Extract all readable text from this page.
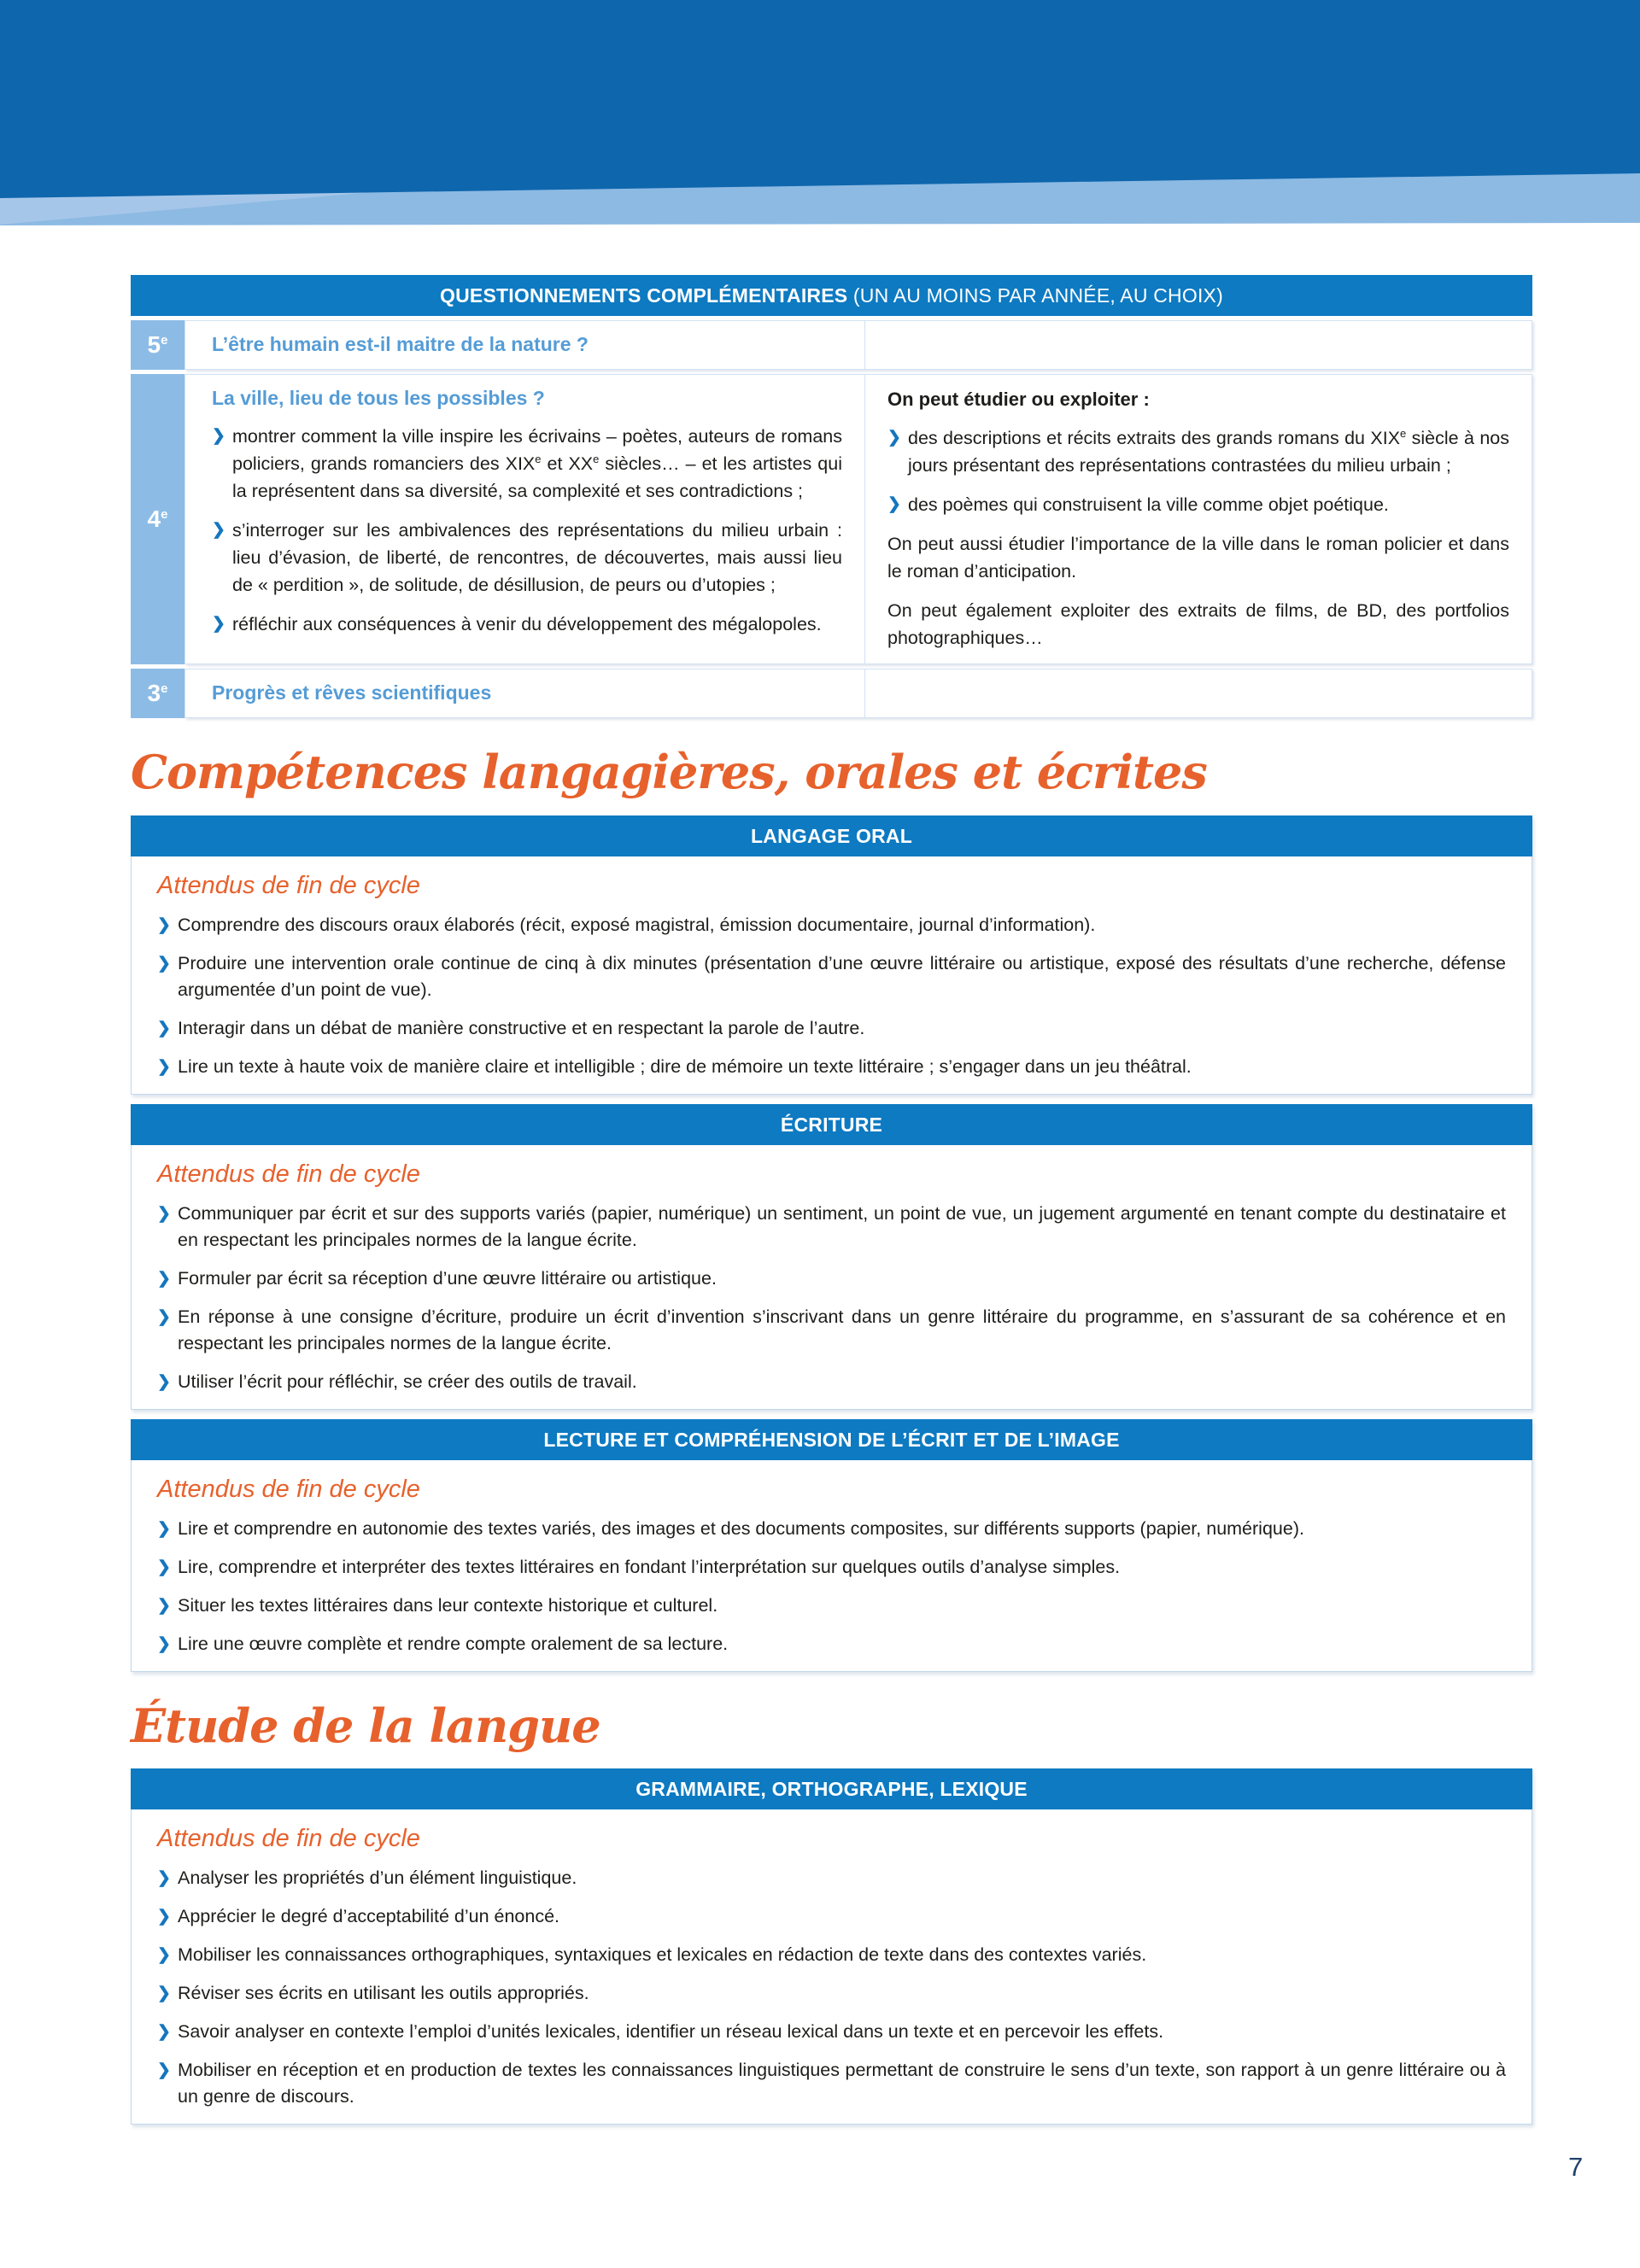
QUESTIONNEMENTS COMPLÉMENTAIRES (UN AU MOINS PAR ANNÉE, AU CHOIX)
5 e L’être humain est-il maitre de la nature ?
4 e
La ville, lieu de tous les possibles ?
❯ montrer comment la ville inspire les écrivains – poètes, auteurs de romans policiers, grands romanciers des XIXe et XXe siècles… – et les artistes qui la représentent dans sa diversité, sa complexité et ses contradictions ;

❯ s’interroger sur les ambivalences des représentations du milieu urbain : lieu d’évasion, de liberté, de rencontres, de découvertes, mais aussi lieu de « perdition », de solitude, de désillusion, de peurs ou d’utopies ;

❯ réfléchir aux conséquences à venir du développement des mégalopoles.

On peut étudier ou exploiter :
❯ des descriptions et récits extraits des grands romans du XIXe siècle à nos jours présentant des représentations contrastées du milieu urbain ;

❯ des poèmes qui construisent la ville comme objet poétique.

On peut aussi étudier l’importance de la ville dans le roman policier et dans le roman d’anticipation.

On peut également exploiter des extraits de films, de BD, des portfolios photographiques…

3 e Progrès et rêves scientifiques
Compétences langagières, orales et écrites
LANGAGE ORAL
Attendus de fin de cycle
❯ Comprendre des discours oraux élaborés (récit, exposé magistral, émission documentaire, journal d’information).

❯ Produire une intervention orale continue de cinq à dix minutes (présentation d’une œuvre littéraire ou artistique, exposé des résultats d’une recherche, défense argumentée d’un point de vue).

❯ Interagir dans un débat de manière constructive et en respectant la parole de l’autre.

❯ Lire un texte à haute voix de manière claire et intelligible ; dire de mémoire un texte littéraire ; s’engager dans un jeu théâtral.

ÉCRITURE
Attendus de fin de cycle
❯ Communiquer par écrit et sur des supports variés (papier, numérique) un sentiment, un point de vue, un jugement argumenté en tenant compte du destinataire et en respectant les principales normes de la langue écrite.

❯ Formuler par écrit sa réception d’une œuvre littéraire ou artistique.

❯ En réponse à une consigne d’écriture, produire un écrit d’invention s’inscrivant dans un genre littéraire du programme, en s’assurant de sa cohérence et en respectant les principales normes de la langue écrite.

❯ Utiliser l’écrit pour réfléchir, se créer des outils de travail.

LECTURE ET COMPRÉHENSION DE L’ÉCRIT ET DE L’IMAGE
Attendus de fin de cycle
❯ Lire et comprendre en autonomie des textes variés, des images et des documents composites, sur différents supports (papier, numérique).

❯ Lire, comprendre et interpréter des textes littéraires en fondant l’interprétation sur quelques outils d’analyse simples.

❯ Situer les textes littéraires dans leur contexte historique et culturel.

❯ Lire une œuvre complète et rendre compte oralement de sa lecture.

Étude de la langue
GRAMMAIRE, ORTHOGRAPHE, LEXIQUE
Attendus de fin de cycle
❯ Analyser les propriétés d’un élément linguistique.

❯ Apprécier le degré d’acceptabilité d’un énoncé.

❯ Mobiliser les connaissances orthographiques, syntaxiques et lexicales en rédaction de texte dans des contextes variés.

❯ Réviser ses écrits en utilisant les outils appropriés.

❯ Savoir analyser en contexte l’emploi d’unités lexicales, identifier un réseau lexical dans un texte et en percevoir les effets.

❯ Mobiliser en réception et en production de textes les connaissances linguistiques permettant de construire le sens d’un texte, son rapport à un genre littéraire ou à un genre de discours.

7
